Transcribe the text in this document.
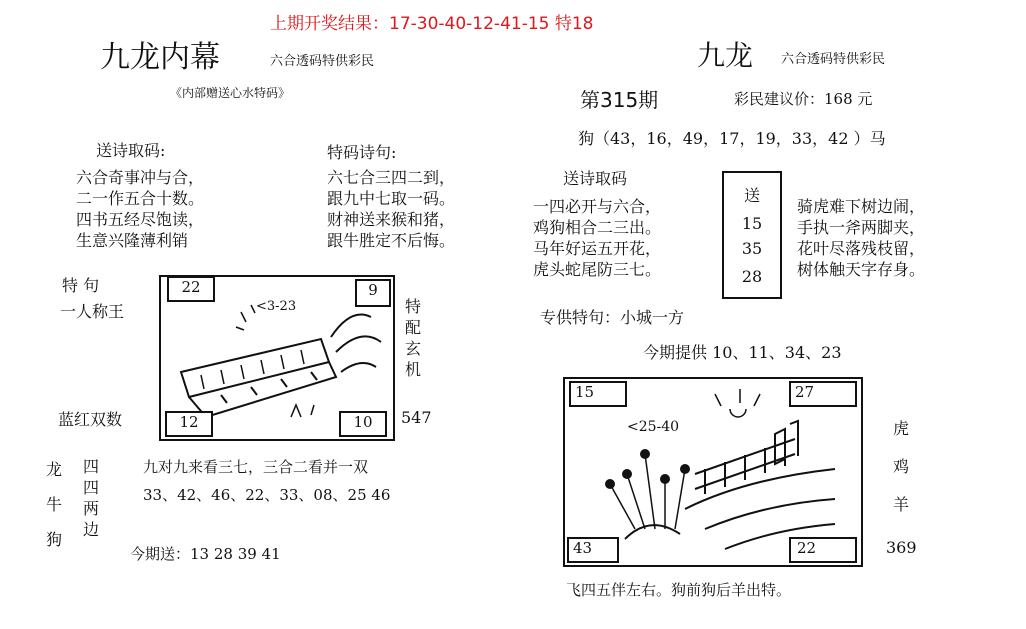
上期开奖结果：17-30-40-12-41-15 特18
九龙内幕	六合透码特供彩民
《内部赠送心水特码》
送诗取码:
六合奇事冲与合，
二一作五合十数。
四书五经尽饱读，
生意兴隆薄利销
特码诗句:
六七合三四二到，
跟九中七取一码。
财神送来猴和猪，
跟牛胜定不后悔。
特 句
一人称王
蓝红双数
22	9
12	10
<3-23	特
配
玄
机
547
龙
牛
狗
四
四
两
边
九对九来看三七，三合二看并一双
33、42、46、22、33、08、25 46
今期送：13 28 39 41
九龙 六合透码特供彩民
第315期	彩民建议价：168 元
狗（43，16，49，17，19，33，42 ）马
送诗取码
一四必开与六合，
鸡狗相合二三出。
马年好运五开花，
虎头蛇尾防三七。
送
15
35
28
骑虎难下树边闹，
手执一斧两脚夹，
花叶尽落残枝留，
树体触天字存身。
专供特句：小城一方
今期提供 10、11、34、23
15	27
43	22
<25-40	虎
鸡
羊
369
飞四五伴左右。狗前狗后羊出特。
